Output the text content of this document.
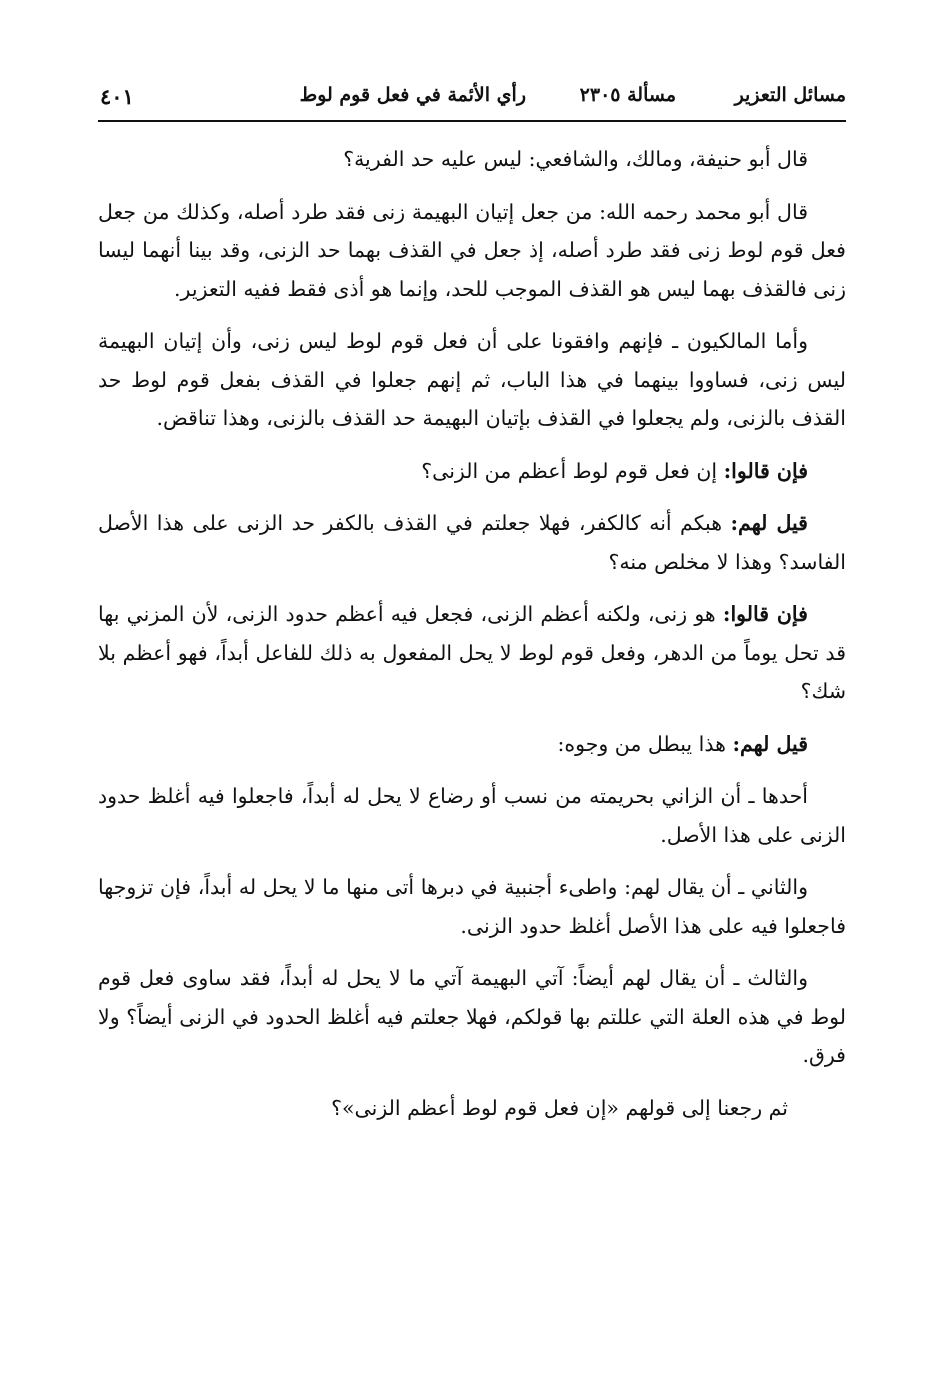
مسائل التعزير
مسألة ٢٣٠٥
رأي الأئمة في فعل قوم لوط
٤٠١

قال أبو حنيفة، ومالك، والشافعي: ليس عليه حد الفرية؟

قال أبو محمد رحمه الله: من جعل إتيان البهيمة زنى فقد طرد أصله، وكذلك من جعل فعل قوم لوط زنى فقد طرد أصله، إذ جعل في القذف بهما حد الزنى، وقد بينا أنهما ليسا زنى فالقذف بهما ليس هو القذف الموجب للحد، وإنما هو أذى فقط ففيه التعزير.

وأما المالكيون ـ فإنهم وافقونا على أن فعل قوم لوط ليس زنى، وأن إتيان البهيمة ليس زنى، فساووا بينهما في هذا الباب، ثم إنهم جعلوا في القذف بفعل قوم لوط حد القذف بالزنى، ولم يجعلوا في القذف بإتيان البهيمة حد القذف بالزنى، وهذا تناقض.

فإن قالوا: إن فعل قوم لوط أعظم من الزنى؟

قيل لهم: هبكم أنه كالكفر، فهلا جعلتم في القذف بالكفر حد الزنى على هذا الأصل الفاسد؟ وهذا لا مخلص منه؟

فإن قالوا: هو زنى، ولكنه أعظم الزنى، فجعل فيه أعظم حدود الزنى، لأن المزني بها قد تحل يوماً من الدهر، وفعل قوم لوط لا يحل المفعول به ذلك للفاعل أبداً، فهو أعظم بلا شك؟

قيل لهم: هذا يبطل من وجوه:

أحدها ـ أن الزاني بحريمته من نسب أو رضاع لا يحل له أبداً، فاجعلوا فيه أغلظ حدود الزنى على هذا الأصل.

والثاني ـ أن يقال لهم: واطىء أجنبية في دبرها أتى منها ما لا يحل له أبداً، فإن تزوجها فاجعلوا فيه على هذا الأصل أغلظ حدود الزنى.

والثالث ـ أن يقال لهم أيضاً: آتي البهيمة آتي ما لا يحل له أبداً، فقد ساوى فعل قوم لوط في هذه العلة التي عللتم بها قولكم، فهلا جعلتم فيه أغلظ الحدود في الزنى أيضاً؟ ولا فرق.

ثم رجعنا إلى قولهم «إن فعل قوم لوط أعظم الزنى»؟
